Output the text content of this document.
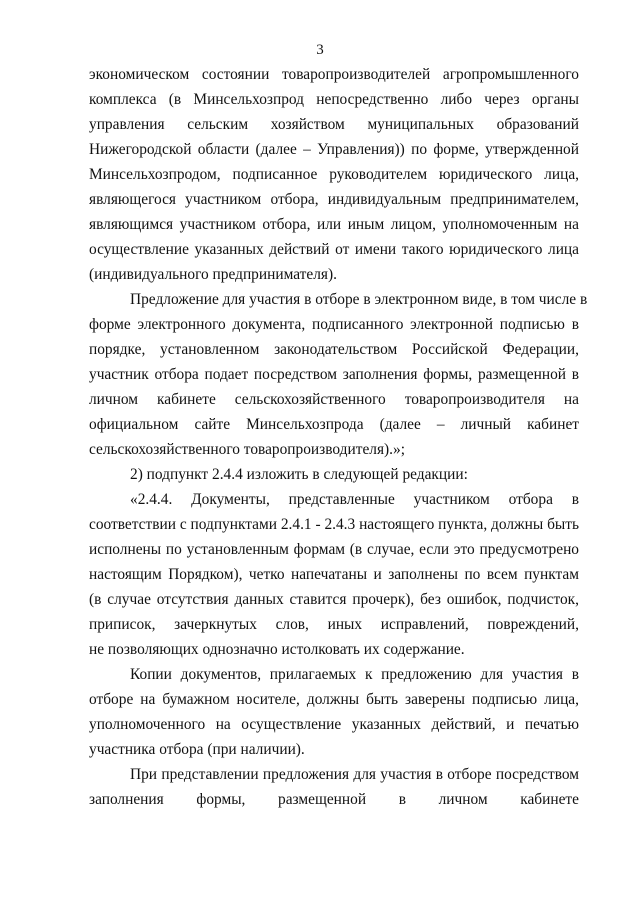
3
экономическом состоянии товаропроизводителей агропромышленного
комплекса (в Минсельхозпрод непосредственно либо через органы
управления сельским хозяйством муниципальных образований
Нижегородской области (далее – Управления)) по форме, утвержденной
Минсельхозпродом, подписанное руководителем юридического лица,
являющегося участником отбора, индивидуальным предпринимателем,
являющимся участником отбора, или иным лицом, уполномоченным на
осуществление указанных действий от имени такого юридического лица
(индивидуального предпринимателя).
Предложение для участия в отборе в электронном виде, в том числе в
форме электронного документа, подписанного электронной подписью в
порядке, установленном законодательством Российской Федерации,
участник отбора подает посредством заполнения формы, размещенной в
личном кабинете сельскохозяйственного товаропроизводителя на
официальном сайте Минсельхозпрода (далее – личный кабинет
сельскохозяйственного товаропроизводителя).»;
2) подпункт 2.4.4 изложить в следующей редакции:
«2.4.4. Документы, представленные участником отбора в
соответствии с подпунктами 2.4.1 - 2.4.3 настоящего пункта, должны быть
исполнены по установленным формам (в случае, если это предусмотрено
настоящим Порядком), четко напечатаны и заполнены по всем пунктам
(в случае отсутствия данных ставится прочерк), без ошибок, подчисток,
приписок, зачеркнутых слов, иных исправлений, повреждений,
не позволяющих однозначно истолковать их содержание.
Копии документов, прилагаемых к предложению для участия в
отборе на бумажном носителе, должны быть заверены подписью лица,
уполномоченного на осуществление указанных действий, и печатью
участника отбора (при наличии).
При представлении предложения для участия в отборе посредством
заполнения формы, размещенной в личном кабинете
